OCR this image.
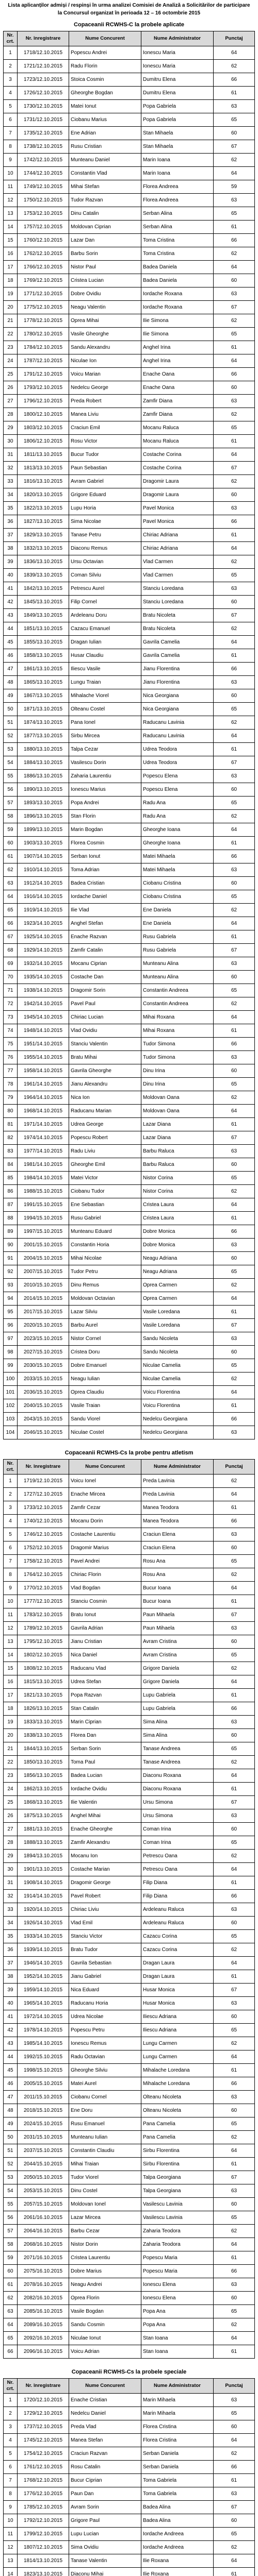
Lista aplicanților admiși / respinși în urma analizei Comisiei de Analiză a Solicitărilor de participare
la Concursul organizat în perioada 12 – 16 octombrie 2015
Copaceanii RCWHS-C la probele aplicate
Nr. crt.
Nr. înregistrare	Nume Concurent	Nume Administrator	Punctaj
1	1718/12.10.2015	Popescu Andrei	Ionescu Maria	64
2	1721/12.10.2015	Radu Florin	Ionescu Maria	62
3	1723/12.10.2015	Stoica Cosmin	Dumitru Elena	66
4	1726/12.10.2015	Gheorghe Bogdan	Dumitru Elena	61
5	1730/12.10.2015	Matei Ionut	Popa Gabriela	63
6	1731/12.10.2015	Ciobanu Marius	Popa Gabriela	65
7	1735/12.10.2015	Ene Adrian	Stan Mihaela	60
8	1738/12.10.2015	Rusu Cristian	Stan Mihaela	67
9	1742/12.10.2015	Munteanu Daniel	Marin Ioana	62
10	1744/12.10.2015	Constantin Vlad	Marin Ioana	64
11	1749/12.10.2015	Mihai Stefan	Florea Andreea	59
12	1750/12.10.2015	Tudor Razvan	Florea Andreea	63
13	1753/12.10.2015	Dinu Catalin	Serban Alina	65
14	1757/12.10.2015	Moldovan Ciprian	Serban Alina	61
15	1760/12.10.2015	Lazar Dan	Toma Cristina	66
16	1762/12.10.2015	Barbu Sorin	Toma Cristina	62
17	1766/12.10.2015	Nistor Paul	Badea Daniela	64
18	1769/12.10.2015	Cristea Lucian	Badea Daniela	60
19	1771/12.10.2015	Dobre Ovidiu	Iordache Roxana	63
20	1775/12.10.2015	Neagu Valentin	Iordache Roxana	67
21	1778/12.10.2015	Oprea Mihai	Ilie Simona	62
22	1780/12.10.2015	Vasile Gheorghe	Ilie Simona	65
23	1784/12.10.2015	Sandu Alexandru	Anghel Irina	61
24	1787/12.10.2015	Niculae Ion	Anghel Irina	64
25	1791/12.10.2015	Voicu Marian	Enache Oana	66
26	1793/12.10.2015	Nedelcu George	Enache Oana	60
27	1796/12.10.2015	Preda Robert	Zamfir Diana	63
28	1800/12.10.2015	Manea Liviu	Zamfir Diana	62
29	1803/12.10.2015	Craciun Emil	Mocanu Raluca	65
30	1806/12.10.2015	Rosu Victor	Mocanu Raluca	61
31	1811/13.10.2015	Bucur Tudor	Costache Corina	64
32	1813/13.10.2015	Paun Sebastian	Costache Corina	67
33	1816/13.10.2015	Avram Gabriel	Dragomir Laura	62
34	1820/13.10.2015	Grigore Eduard	Dragomir Laura	60
35	1822/13.10.2015	Lupu Horia	Pavel Monica	63
36	1827/13.10.2015	Sima Nicolae	Pavel Monica	66
37	1829/13.10.2015	Tanase Petru	Chiriac Adriana	61
38	1832/13.10.2015	Diaconu Remus	Chiriac Adriana	64
39	1836/13.10.2015	Ursu Octavian	Vlad Carmen	62
40	1839/13.10.2015	Coman Silviu	Vlad Carmen	65
41	1842/13.10.2015	Petrescu Aurel	Stanciu Loredana	63
42	1845/13.10.2015	Filip Cornel	Stanciu Loredana	60
43	1849/13.10.2015	Ardeleanu Doru	Bratu Nicoleta	67
44	1851/13.10.2015	Cazacu Emanuel	Bratu Nicoleta	62
45	1855/13.10.2015	Dragan Iulian	Gavrila Camelia	64
46	1858/13.10.2015	Husar Claudiu	Gavrila Camelia	61
47	1861/13.10.2015	Iliescu Vasile	Jianu Florentina	66
48	1865/13.10.2015	Lungu Traian	Jianu Florentina	63
49	1867/13.10.2015	Mihalache Viorel	Nica Georgiana	60
50	1871/13.10.2015	Olteanu Costel	Nica Georgiana	65
51	1874/13.10.2015	Pana Ionel	Raducanu Lavinia	62
52	1877/13.10.2015	Sirbu Mircea	Raducanu Lavinia	64
53	1880/13.10.2015	Talpa Cezar	Udrea Teodora	61
54	1884/13.10.2015	Vasilescu Dorin	Udrea Teodora	67
55	1886/13.10.2015	Zaharia Laurentiu	Popescu Elena	63
56	1890/13.10.2015	Ionescu Marius	Popescu Elena	60
57	1893/13.10.2015	Popa Andrei	Radu Ana	65
58	1896/13.10.2015	Stan Florin	Radu Ana	62
59	1899/13.10.2015	Marin Bogdan	Gheorghe Ioana	64
60	1903/13.10.2015	Florea Cosmin	Gheorghe Ioana	61
61	1907/14.10.2015	Serban Ionut	Matei Mihaela	66
62	1910/14.10.2015	Toma Adrian	Matei Mihaela	63
63	1912/14.10.2015	Badea Cristian	Ciobanu Cristina	60
64	1916/14.10.2015	Iordache Daniel	Ciobanu Cristina	65
65	1919/14.10.2015	Ilie Vlad	Ene Daniela	62
66	1923/14.10.2015	Anghel Stefan	Ene Daniela	64
67	1925/14.10.2015	Enache Razvan	Rusu Gabriela	61
68	1929/14.10.2015	Zamfir Catalin	Rusu Gabriela	67
69	1932/14.10.2015	Mocanu Ciprian	Munteanu Alina	63
70	1935/14.10.2015	Costache Dan	Munteanu Alina	60
71	1938/14.10.2015	Dragomir Sorin	Constantin Andreea	65
72	1942/14.10.2015	Pavel Paul	Constantin Andreea	62
73	1945/14.10.2015	Chiriac Lucian	Mihai Roxana	64
74	1948/14.10.2015	Vlad Ovidiu	Mihai Roxana	61
75	1951/14.10.2015	Stanciu Valentin	Tudor Simona	66
76	1955/14.10.2015	Bratu Mihai	Tudor Simona	63
77	1958/14.10.2015	Gavrila Gheorghe	Dinu Irina	60
78	1961/14.10.2015	Jianu Alexandru	Dinu Irina	65
79	1964/14.10.2015	Nica Ion	Moldovan Oana	62
80	1968/14.10.2015	Raducanu Marian	Moldovan Oana	64
81	1971/14.10.2015	Udrea George	Lazar Diana	61
82	1974/14.10.2015	Popescu Robert	Lazar Diana	67
83	1977/14.10.2015	Radu Liviu	Barbu Raluca	63
84	1981/14.10.2015	Gheorghe Emil	Barbu Raluca	60
85	1984/14.10.2015	Matei Victor	Nistor Corina	65
86	1988/15.10.2015	Ciobanu Tudor	Nistor Corina	62
87	1991/15.10.2015	Ene Sebastian	Cristea Laura	64
88	1994/15.10.2015	Rusu Gabriel	Cristea Laura	61
89	1997/15.10.2015	Munteanu Eduard	Dobre Monica	66
90	2001/15.10.2015	Constantin Horia	Dobre Monica	63
91	2004/15.10.2015	Mihai Nicolae	Neagu Adriana	60
92	2007/15.10.2015	Tudor Petru	Neagu Adriana	65
93	2010/15.10.2015	Dinu Remus	Oprea Carmen	62
94	2014/15.10.2015	Moldovan Octavian	Oprea Carmen	64
95	2017/15.10.2015	Lazar Silviu	Vasile Loredana	61
96	2020/15.10.2015	Barbu Aurel	Vasile Loredana	67
97	2023/15.10.2015	Nistor Cornel	Sandu Nicoleta	63
98	2027/15.10.2015	Cristea Doru	Sandu Nicoleta	60
99	2030/15.10.2015	Dobre Emanuel	Niculae Camelia	65
100	2033/15.10.2015	Neagu Iulian	Niculae Camelia	62
101	2036/15.10.2015	Oprea Claudiu	Voicu Florentina	64
102	2040/15.10.2015	Vasile Traian	Voicu Florentina	61
103	2043/15.10.2015	Sandu Viorel	Nedelcu Georgiana	66
104	2046/15.10.2015	Niculae Costel	Nedelcu Georgiana	63
Copaceanii RCWHS-Cs la probe pentru atletism
Nr. crt.
Nr. înregistrare	Nume Concurent	Nume Administrator	Punctaj
1	1719/12.10.2015	Voicu Ionel	Preda Lavinia	62
2	1727/12.10.2015	Enache Mircea	Preda Lavinia	64
3	1733/12.10.2015	Zamfir Cezar	Manea Teodora	61
4	1740/12.10.2015	Mocanu Dorin	Manea Teodora	66
5	1746/12.10.2015	Costache Laurentiu	Craciun Elena	63
6	1752/12.10.2015	Dragomir Marius	Craciun Elena	60
7	1758/12.10.2015	Pavel Andrei	Rosu Ana	65
8	1764/12.10.2015	Chiriac Florin	Rosu Ana	62
9	1770/12.10.2015	Vlad Bogdan	Bucur Ioana	64
10	1777/12.10.2015	Stanciu Cosmin	Bucur Ioana	61
11	1783/12.10.2015	Bratu Ionut	Paun Mihaela	67
12	1789/12.10.2015	Gavrila Adrian	Paun Mihaela	63
13	1795/12.10.2015	Jianu Cristian	Avram Cristina	60
14	1802/12.10.2015	Nica Daniel	Avram Cristina	65
15	1808/12.10.2015	Raducanu Vlad	Grigore Daniela	62
16	1815/13.10.2015	Udrea Stefan	Grigore Daniela	64
17	1821/13.10.2015	Popa Razvan	Lupu Gabriela	61
18	1826/13.10.2015	Stan Catalin	Lupu Gabriela	66
19	1833/13.10.2015	Marin Ciprian	Sima Alina	63
20	1838/13.10.2015	Florea Dan	Sima Alina	60
21	1844/13.10.2015	Serban Sorin	Tanase Andreea	65
22	1850/13.10.2015	Toma Paul	Tanase Andreea	62
23	1856/13.10.2015	Badea Lucian	Diaconu Roxana	64
24	1862/13.10.2015	Iordache Ovidiu	Diaconu Roxana	61
25	1868/13.10.2015	Ilie Valentin	Ursu Simona	67
26	1875/13.10.2015	Anghel Mihai	Ursu Simona	63
27	1881/13.10.2015	Enache Gheorghe	Coman Irina	60
28	1888/13.10.2015	Zamfir Alexandru	Coman Irina	65
29	1894/13.10.2015	Mocanu Ion	Petrescu Oana	62
30	1901/13.10.2015	Costache Marian	Petrescu Oana	64
31	1908/14.10.2015	Dragomir George	Filip Diana	61
32	1914/14.10.2015	Pavel Robert	Filip Diana	66
33	1920/14.10.2015	Chiriac Liviu	Ardeleanu Raluca	63
34	1926/14.10.2015	Vlad Emil	Ardeleanu Raluca	60
35	1933/14.10.2015	Stanciu Victor	Cazacu Corina	65
36	1939/14.10.2015	Bratu Tudor	Cazacu Corina	62
37	1946/14.10.2015	Gavrila Sebastian	Dragan Laura	64
38	1952/14.10.2015	Jianu Gabriel	Dragan Laura	61
39	1959/14.10.2015	Nica Eduard	Husar Monica	67
40	1965/14.10.2015	Raducanu Horia	Husar Monica	63
41	1972/14.10.2015	Udrea Nicolae	Iliescu Adriana	60
42	1978/14.10.2015	Popescu Petru	Iliescu Adriana	65
43	1985/14.10.2015	Ionescu Remus	Lungu Carmen	62
44	1992/15.10.2015	Radu Octavian	Lungu Carmen	64
45	1998/15.10.2015	Gheorghe Silviu	Mihalache Loredana	61
46	2005/15.10.2015	Matei Aurel	Mihalache Loredana	66
47	2011/15.10.2015	Ciobanu Cornel	Olteanu Nicoleta	63
48	2018/15.10.2015	Ene Doru	Olteanu Nicoleta	60
49	2024/15.10.2015	Rusu Emanuel	Pana Camelia	65
50	2031/15.10.2015	Munteanu Iulian	Pana Camelia	62
51	2037/15.10.2015	Constantin Claudiu	Sirbu Florentina	64
52	2044/15.10.2015	Mihai Traian	Sirbu Florentina	61
53	2050/15.10.2015	Tudor Viorel	Talpa Georgiana	67
54	2053/15.10.2015	Dinu Costel	Talpa Georgiana	63
55	2057/15.10.2015	Moldovan Ionel	Vasilescu Lavinia	60
56	2061/16.10.2015	Lazar Mircea	Vasilescu Lavinia	65
57	2064/16.10.2015	Barbu Cezar	Zaharia Teodora	62
58	2068/16.10.2015	Nistor Dorin	Zaharia Teodora	64
59	2071/16.10.2015	Cristea Laurentiu	Popescu Maria	61
60	2075/16.10.2015	Dobre Marius	Popescu Maria	66
61	2078/16.10.2015	Neagu Andrei	Ionescu Elena	63
62	2082/16.10.2015	Oprea Florin	Ionescu Elena	60
63	2085/16.10.2015	Vasile Bogdan	Popa Ana	65
64	2089/16.10.2015	Sandu Cosmin	Popa Ana	62
65	2092/16.10.2015	Niculae Ionut	Stan Ioana	64
66	2096/16.10.2015	Voicu Adrian	Stan Ioana	61
Copaceanii RCWHS-Cs la probele speciale
Nr. crt.
Nr. înregistrare	Nume Concurent	Nume Administrator	Punctaj
1	1720/12.10.2015	Enache Cristian	Marin Mihaela	63
2	1729/12.10.2015	Nedelcu Daniel	Marin Mihaela	65
3	1737/12.10.2015	Preda Vlad	Florea Cristina	60
4	1745/12.10.2015	Manea Stefan	Florea Cristina	64
5	1754/12.10.2015	Craciun Razvan	Serban Daniela	62
6	1761/12.10.2015	Rosu Catalin	Serban Daniela	66
7	1768/12.10.2015	Bucur Ciprian	Toma Gabriela	61
8	1776/12.10.2015	Paun Dan	Toma Gabriela	63
9	1785/12.10.2015	Avram Sorin	Badea Alina	67
10	1792/12.10.2015	Grigore Paul	Badea Alina	60
11	1799/12.10.2015	Lupu Lucian	Iordache Andreea	65
12	1807/12.10.2015	Sima Ovidiu	Iordache Andreea	62
13	1814/13.10.2015	Tanase Valentin	Ilie Roxana	64
14	1823/13.10.2015	Diaconu Mihai	Ilie Roxana	61
